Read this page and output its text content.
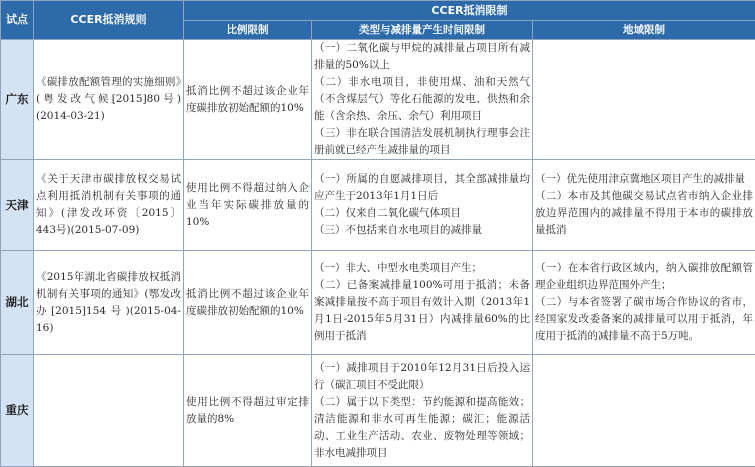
试点	CCER抵消规则	CCER抵消限制		
		比例限制	类型与减排量产生时间限制	地域限制
广东	《碳排放配额管理的实施细则》(粤发改气候[2015]80号)(2014-03-21)	抵消比例不超过该企业年度碳排放初始配额的10%	（一）二氧化碳与甲烷的减排量占项目所有减排量的50%以上
（二）非水电项目，非使用煤、油和天然气（不含煤层气）等化石能源的发电、供热和余能（含余热、余压、余气）利用项目
（三）非在联合国清洁发展机制执行理事会注册前就已经产生减排量的项目	

天津	《关于天津市碳排放权交易试点利用抵消机制有关事项的通知》(津发改环资〔2015〕443号)(2015-07-09)	使用比例不得超过纳入企业当年实际碳排放量的10%	（一）所属的自愿减排项目，其全部减排量均应产生于2013年1月1日后
（二）仅来自二氧化碳气体项目
（三）不包括来自水电项目的减排量	（一）优先使用津京冀地区项目产生的减排量
（二）本市及其他碳交易试点省市纳入企业排放边界范围内的减排量不得用于本市的碳排放量抵消

湖北	《2015年湖北省碳排放权抵消机制有关事项的通知》(鄂发改办[2015]154号)(2015-04-16)	抵消比例不超过该企业年度碳排放初始配额的10%	（一）非大、中型水电类项目产生；
（二）已备案减排量100%可用于抵消；未备案减排量按不高于项目有效计入期（2013年1月1日-2015年5月31日）内减排量60%的比例用于抵消	（一）在本省行政区域内，纳入碳排放配额管理企业组织边界范围外产生；
（二）与本省签署了碳市场合作协议的省市，经国家发改委备案的减排量可以用于抵消，年度用于抵消的减排量不高于5万吨。

重庆		使用比例不得超过审定排放量的8%	（一）减排项目于2010年12月31日后投入运行（碳汇项目不受此限）
（二）属于以下类型：节约能源和提高能效；清洁能源和非水可再生能源；碳汇；能源活动、工业生产活动、农业、废物处理等领域；非水电减排项目	
